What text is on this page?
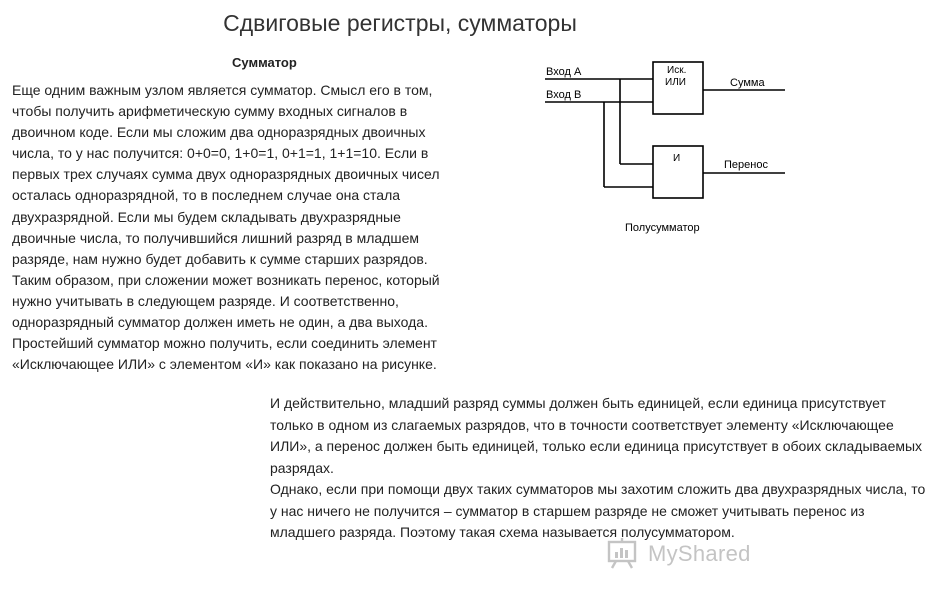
Сдвиговые регистры, сумматоры
Сумматор
Еще одним важным узлом является сумматор. Смысл его в том,
чтобы получить арифметическую сумму входных сигналов в
двоичном коде. Если мы сложим два одноразрядных двоичных
числа, то у нас получится: 0+0=0, 1+0=1, 0+1=1, 1+1=10. Если в
первых трех случаях сумма двух одноразрядных двоичных чисел
осталась одноразрядной, то в последнем случае она стала
двухразрядной. Если мы будем складывать двухразрядные
двоичные числа, то получившийся лишний разряд в младшем
разряде, нам нужно будет добавить к сумме старших разрядов.
Таким образом, при сложении может возникать перенос, который
нужно учитывать в следующем разряде. И соответственно,
одноразрядный сумматор должен иметь не один, а два выхода.
Простейший сумматор можно получить, если соединить элемент
«Исключающее ИЛИ» с элементом «И» как показано на рисунке.
Вход А
Вход В
Иск.
ИЛИ
И
Сумма
Перенос
Полусумматор
И действительно, младший разряд суммы должен быть единицей, если единица присутствует
только в одном из слагаемых разрядов, что в точности соответствует элементу «Исключающее
ИЛИ», а перенос должен быть единицей, только если единица присутствует в обоих складываемых
разрядах.
Однако, если при помощи двух таких сумматоров мы захотим сложить два двухразрядных числа, то
у нас ничего не получится – сумматор в старшем разряде не сможет учитывать перенос из
младшего разряда. Поэтому такая схема называется полусумматором.
MyShared
